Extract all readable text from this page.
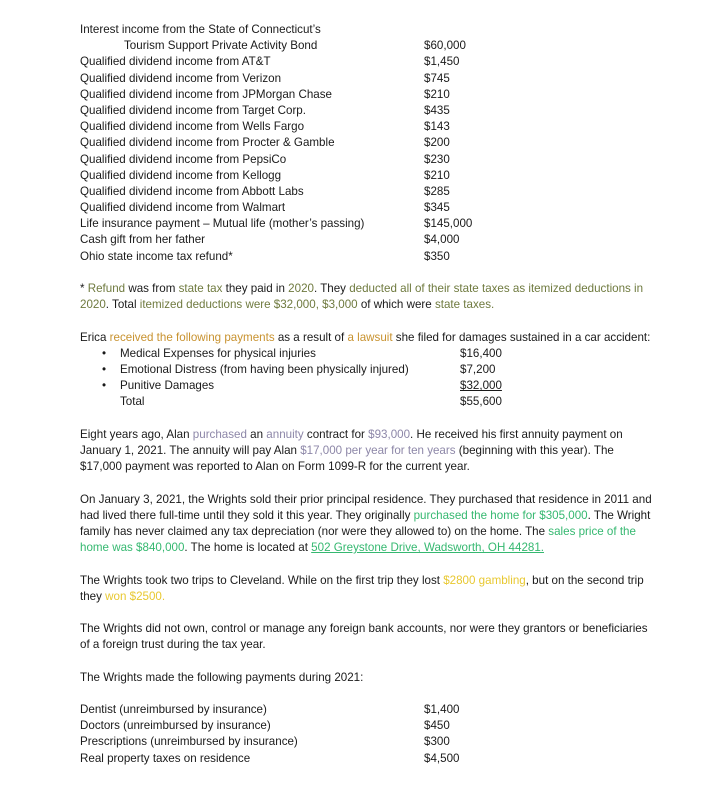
Interest income from the State of Connecticut’s
Tourism Support Private Activity Bond	$60,000
Qualified dividend income from AT&T	$1,450
Qualified dividend income from Verizon	$745
Qualified dividend income from JPMorgan Chase	$210
Qualified dividend income from Target Corp.	$435
Qualified dividend income from Wells Fargo	$143
Qualified dividend income from Procter & Gamble	$200
Qualified dividend income from PepsiCo	$230
Qualified dividend income from Kellogg	$210
Qualified dividend income from Abbott Labs	$285
Qualified dividend income from Walmart	$345
Life insurance payment – Mutual life (mother’s passing)	$145,000
Cash gift from her father	$4,000
Ohio state income tax refund*	$350

* Refund was from state tax they paid in 2020. They deducted all of their state taxes as itemized deductions in 2020. Total itemized deductions were $32,000, $3,000 of which were state taxes.

Erica received the following payments as a result of a lawsuit she filed for damages sustained in a car accident:

• Medical Expenses for physical injuries	$16,400
• Emotional Distress (from having been physically injured)	$7,200
• Punitive Damages	$32,000
Total	$55,600

Eight years ago, Alan purchased an annuity contract for $93,000. He received his first annuity payment on January 1, 2021. The annuity will pay Alan $17,000 per year for ten years (beginning with this year). The $17,000 payment was reported to Alan on Form 1099-R for the current year.

On January 3, 2021, the Wrights sold their prior principal residence. They purchased that residence in 2011 and had lived there full-time until they sold it this year. They originally purchased the home for $305,000. The Wright family has never claimed any tax depreciation (nor were they allowed to) on the home. The sales price of the home was $840,000. The home is located at 502 Greystone Drive, Wadsworth, OH 44281.

The Wrights took two trips to Cleveland. While on the first trip they lost $2800 gambling, but on the second trip they won $2500.

The Wrights did not own, control or manage any foreign bank accounts, nor were they grantors or beneficiaries of a foreign trust during the tax year.

The Wrights made the following payments during 2021:

Dentist (unreimbursed by insurance)	$1,400
Doctors (unreimbursed by insurance)	$450
Prescriptions (unreimbursed by insurance)	$300
Real property taxes on residence	$4,500
